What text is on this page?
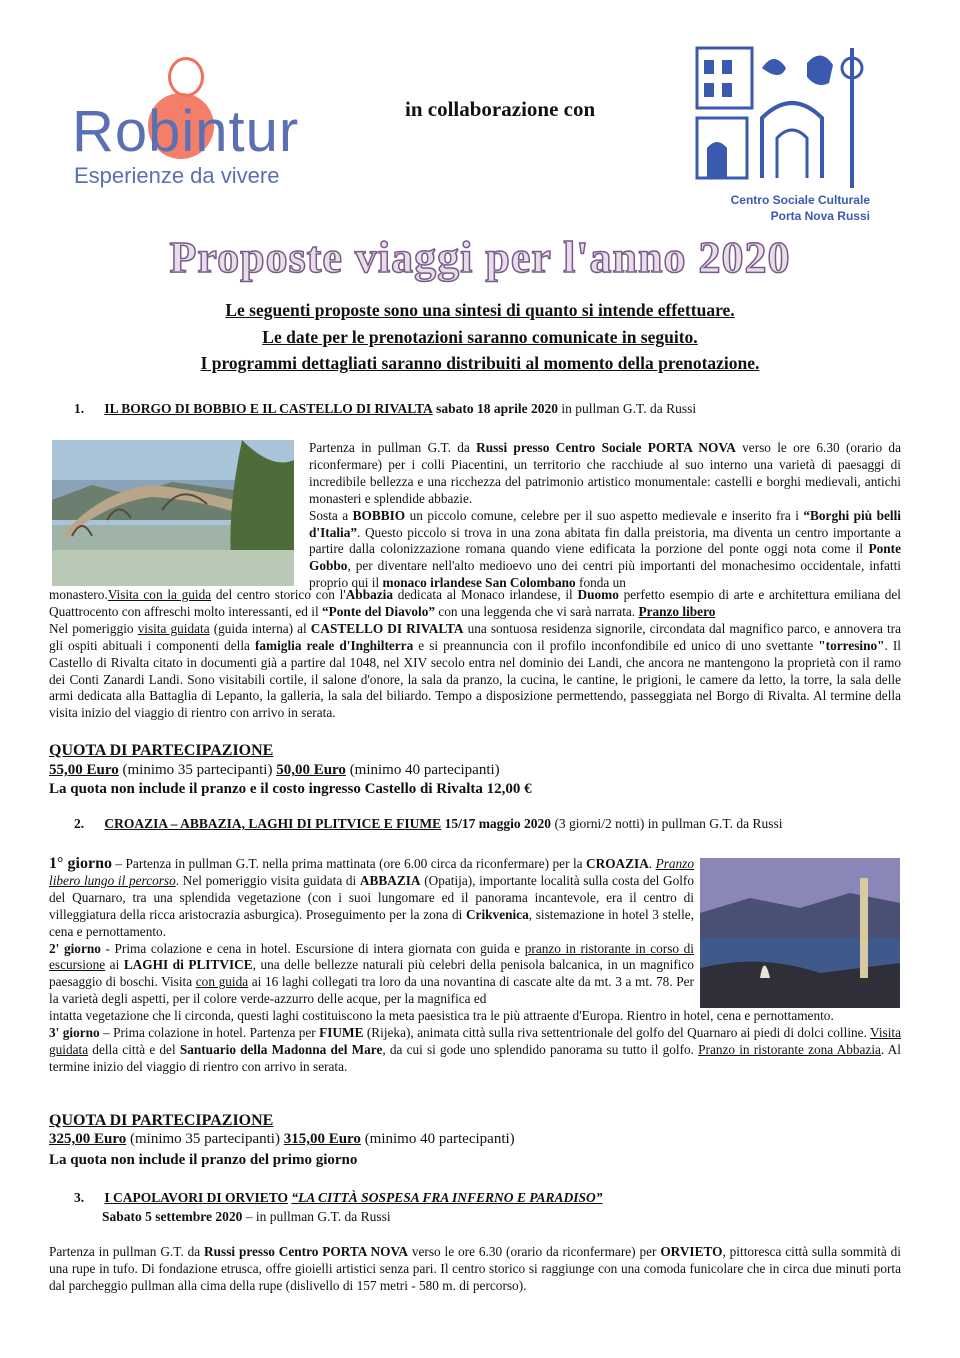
Robintur
Esperienze da vivere
in collaborazione con
Centro Sociale Culturale
Porta Nova Russi
Proposte viaggi per l'anno 2020
Le seguenti proposte sono una sintesi di quanto si intende effettuare.
Le date per le prenotazioni saranno comunicate in seguito.
I programmi dettagliati saranno distribuiti al momento della prenotazione.
1. IL BORGO DI BOBBIO E IL CASTELLO DI RIVALTA sabato 18 aprile 2020 in pullman G.T. da Russi

Partenza in pullman G.T. da Russi presso Centro Sociale PORTA NOVA verso le ore 6.30 (orario da riconfermare) per i colli Piacentini, un territorio che racchiude al suo interno una varietà di paesaggi di incredibile bellezza e una ricchezza del patrimonio artistico monumentale: castelli e borghi medievali, antichi monasteri e splendide abbazie.

Sosta a BOBBIO un piccolo comune, celebre per il suo aspetto medievale e inserito fra i “Borghi più belli d'Italia”. Questo piccolo si trova in una zona abitata fin dalla preistoria, ma diventa un centro importante a partire dalla colonizzazione romana quando viene edificata la porzione del ponte oggi nota come il Ponte Gobbo, per diventare nell'alto medioevo uno dei centri più importanti del monachesimo occidentale, infatti proprio qui il monaco irlandese San Colombano fonda un

monastero.Visita con la guida del centro storico con l'Abbazia dedicata al Monaco irlandese, il Duomo perfetto esempio di arte e architettura emiliana del Quattrocento con affreschi molto interessanti, ed il “Ponte del Diavolo” con una leggenda che vi sarà narrata. Pranzo libero

Nel pomeriggio visita guidata (guida interna) al CASTELLO DI RIVALTA una sontuosa residenza signorile, circondata dal magnifico parco, e annovera tra gli ospiti abituali i componenti della famiglia reale d'Inghilterra e si preannuncia con il profilo inconfondibile ed unico di uno svettante "torresino". Il Castello di Rivalta citato in documenti già a partire dal 1048, nel XIV secolo entra nel dominio dei Landi, che ancora ne mantengono la proprietà con il ramo dei Conti Zanardi Landi. Sono visitabili cortile, il salone d'onore, la sala da pranzo, la cucina, le cantine, le prigioni, le camere da letto, la torre, la sala delle armi dedicata alla Battaglia di Lepanto, la galleria, la sala del biliardo. Tempo a disposizione permettendo, passeggiata nel Borgo di Rivalta. Al termine della visita inizio del viaggio di rientro con arrivo in serata.

QUOTA DI PARTECIPAZIONE
55,00 Euro (minimo 35 partecipanti) 50,00 Euro (minimo 40 partecipanti)
La quota non include il pranzo e il costo ingresso Castello di Rivalta 12,00 €
2. CROAZIA – ABBAZIA, LAGHI DI PLITVICE E FIUME 15/17 maggio 2020 (3 giorni/2 notti) in pullman G.T. da Russi

1° giorno – Partenza in pullman G.T. nella prima mattinata (ore 6.00 circa da riconfermare) per la CROAZIA. Pranzo libero lungo il percorso. Nel pomeriggio visita guidata di ABBAZIA (Opatija), importante località sulla costa del Golfo del Quarnaro, tra una splendida vegetazione (con i suoi lungomare ed il panorama incantevole, era il centro di villeggiatura della ricca aristocrazia asburgica). Proseguimento per la zona di Crikvenica, sistemazione in hotel 3 stelle, cena e pernottamento.

2' giorno - Prima colazione e cena in hotel. Escursione di intera giornata con guida e pranzo in ristorante in corso di escursione ai LAGHI di PLITVICE, una delle bellezze naturali più celebri della penisola balcanica, in un magnifico paesaggio di boschi. Visita con guida ai 16 laghi collegati tra loro da una novantina di cascate alte da mt. 3 a mt. 78. Per la varietà degli aspetti, per il colore verde-azzurro delle acque, per la magnifica ed

intatta vegetazione che li circonda, questi laghi costituiscono la meta paesistica tra le più attraente d'Europa. Rientro in hotel, cena e pernottamento.

3' giorno – Prima colazione in hotel. Partenza per FIUME (Rijeka), animata città sulla riva settentrionale del golfo del Quarnaro ai piedi di dolci colline. Visita guidata della città e del Santuario della Madonna del Mare, da cui si gode uno splendido panorama su tutto il golfo. Pranzo in ristorante zona Abbazia. Al termine inizio del viaggio di rientro con arrivo in serata.

QUOTA DI PARTECIPAZIONE
325,00 Euro (minimo 35 partecipanti) 315,00 Euro (minimo 40 partecipanti)
La quota non include il pranzo del primo giorno
3. I CAPOLAVORI DI ORVIETO “LA CITTÀ SOSPESA FRA INFERNO E PARADISO”
Sabato 5 settembre 2020 – in pullman G.T. da Russi

Partenza in pullman G.T. da Russi presso Centro PORTA NOVA verso le ore 6.30 (orario da riconfermare) per ORVIETO, pittoresca città sulla sommità di una rupe in tufo. Di fondazione etrusca, offre gioielli artistici senza pari. Il centro storico si raggiunge con una comoda funicolare che in circa due minuti porta dal parcheggio pullman alla cima della rupe (dislivello di 157 metri - 580 m. di percorso).
